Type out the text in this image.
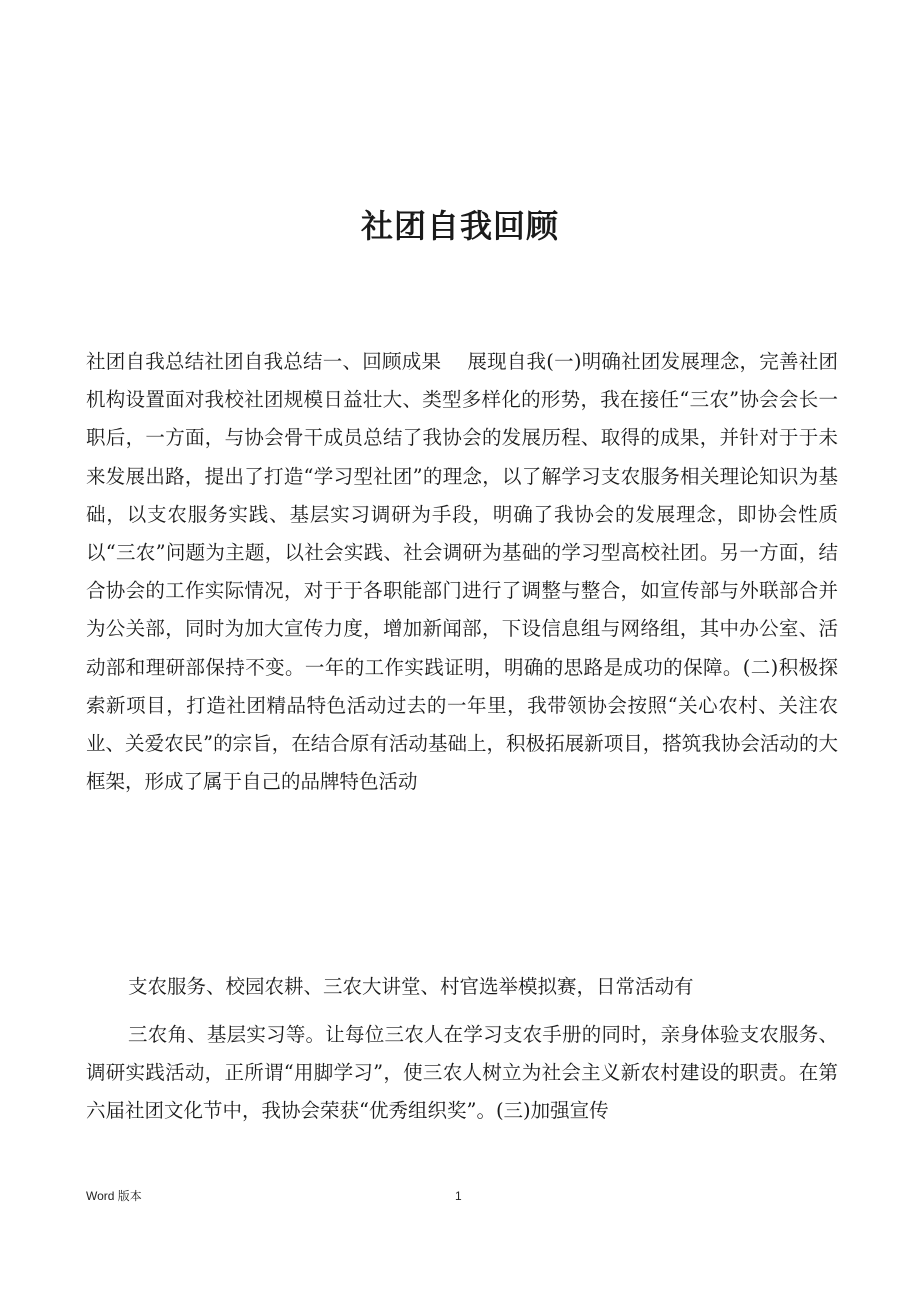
社团自我回顾
社团自我总结社团自我总结一、回顾成果　 展现自我(一)明确社团发展理念，完善社团机构设置面对我校社团规模日益壮大、类型多样化的形势，我在接任“三农”协会会长一职后，一方面，与协会骨干成员总结了我协会的发展历程、取得的成果，并针对于于未来发展出路，提出了打造“学习型社团”的理念，以了解学习支农服务相关理论知识为基础，以支农服务实践、基层实习调研为手段，明确了我协会的发展理念，即协会性质以“三农”问题为主题，以社会实践、社会调研为基础的学习型高校社团。另一方面，结合协会的工作实际情况，对于于各职能部门进行了调整与整合，如宣传部与外联部合并为公关部，同时为加大宣传力度，增加新闻部，下设信息组与网络组，其中办公室、活动部和理研部保持不变。一年的工作实践证明，明确的思路是成功的保障。(二)积极探索新项目，打造社团精品特色活动过去的一年里，我带领协会按照“关心农村、关注农业、关爱农民”的宗旨，在结合原有活动基础上，积极拓展新项目，搭筑我协会活动的大框架，形成了属于自己的品牌特色活动
支农服务、校园农耕、三农大讲堂、村官选举模拟赛，日常活动有
三农角、基层实习等。让每位三农人在学习支农手册的同时，亲身体验支农服务、调研实践活动，正所谓“用脚学习”，使三农人树立为社会主义新农村建设的职责。在第六届社团文化节中，我协会荣获“优秀组织奖”。(三)加强宣传
Word 版本	1
